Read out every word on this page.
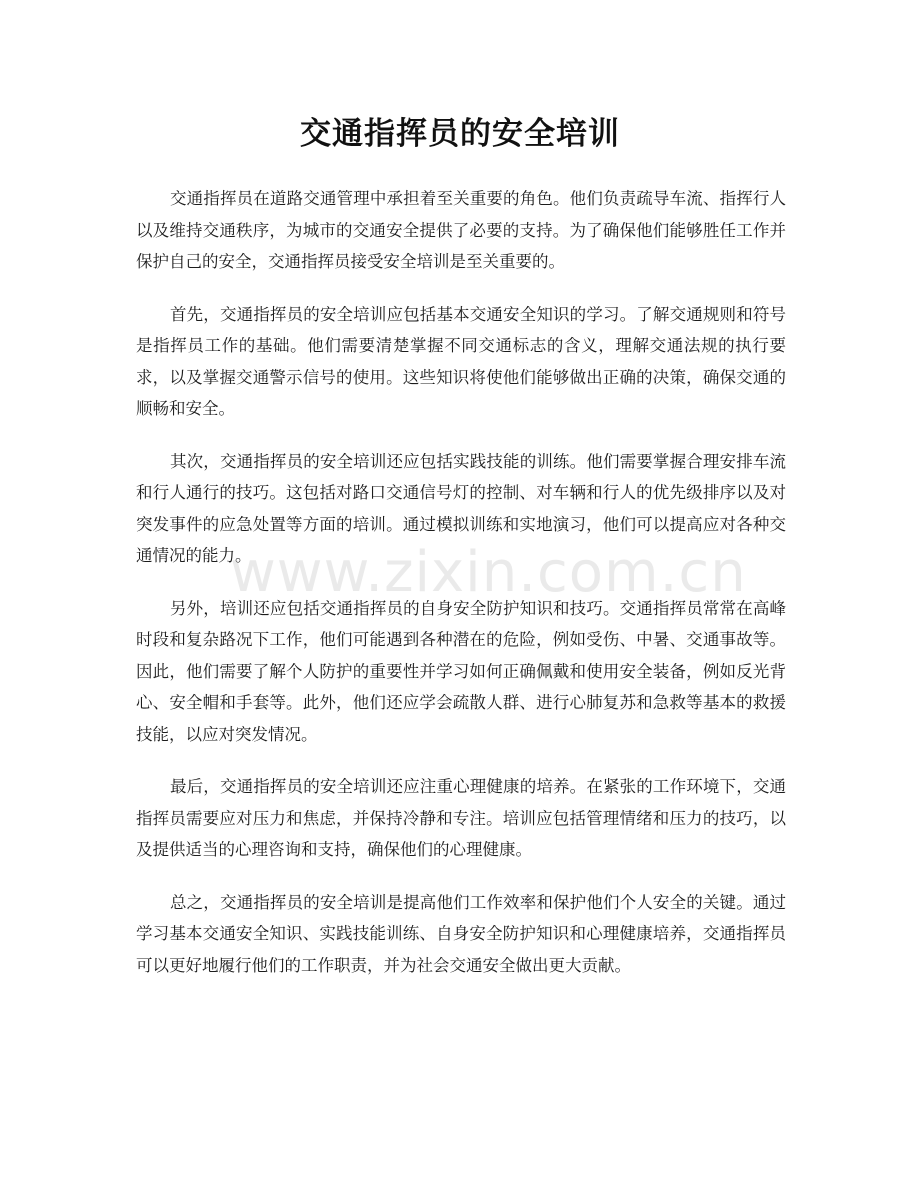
交通指挥员的安全培训

交通指挥员在道路交通管理中承担着至关重要的角色。他们负责疏导车流、指挥行人以及维持交通秩序，为城市的交通安全提供了必要的支持。为了确保他们能够胜任工作并保护自己的安全，交通指挥员接受安全培训是至关重要的。

首先，交通指挥员的安全培训应包括基本交通安全知识的学习。了解交通规则和符号是指挥员工作的基础。他们需要清楚掌握不同交通标志的含义，理解交通法规的执行要求，以及掌握交通警示信号的使用。这些知识将使他们能够做出正确的决策，确保交通的顺畅和安全。

其次，交通指挥员的安全培训还应包括实践技能的训练。他们需要掌握合理安排车流和行人通行的技巧。这包括对路口交通信号灯的控制、对车辆和行人的优先级排序以及对突发事件的应急处置等方面的培训。通过模拟训练和实地演习，他们可以提高应对各种交通情况的能力。

另外，培训还应包括交通指挥员的自身安全防护知识和技巧。交通指挥员常常在高峰时段和复杂路况下工作，他们可能遇到各种潜在的危险，例如受伤、中暑、交通事故等。因此，他们需要了解个人防护的重要性并学习如何正确佩戴和使用安全装备，例如反光背心、安全帽和手套等。此外，他们还应学会疏散人群、进行心肺复苏和急救等基本的救援技能，以应对突发情况。

最后，交通指挥员的安全培训还应注重心理健康的培养。在紧张的工作环境下，交通指挥员需要应对压力和焦虑，并保持冷静和专注。培训应包括管理情绪和压力的技巧，以及提供适当的心理咨询和支持，确保他们的心理健康。

总之，交通指挥员的安全培训是提高他们工作效率和保护他们个人安全的关键。通过学习基本交通安全知识、实践技能训练、自身安全防护知识和心理健康培养，交通指挥员可以更好地履行他们的工作职责，并为社会交通安全做出更大贡献。

www.zixin.com.cn
